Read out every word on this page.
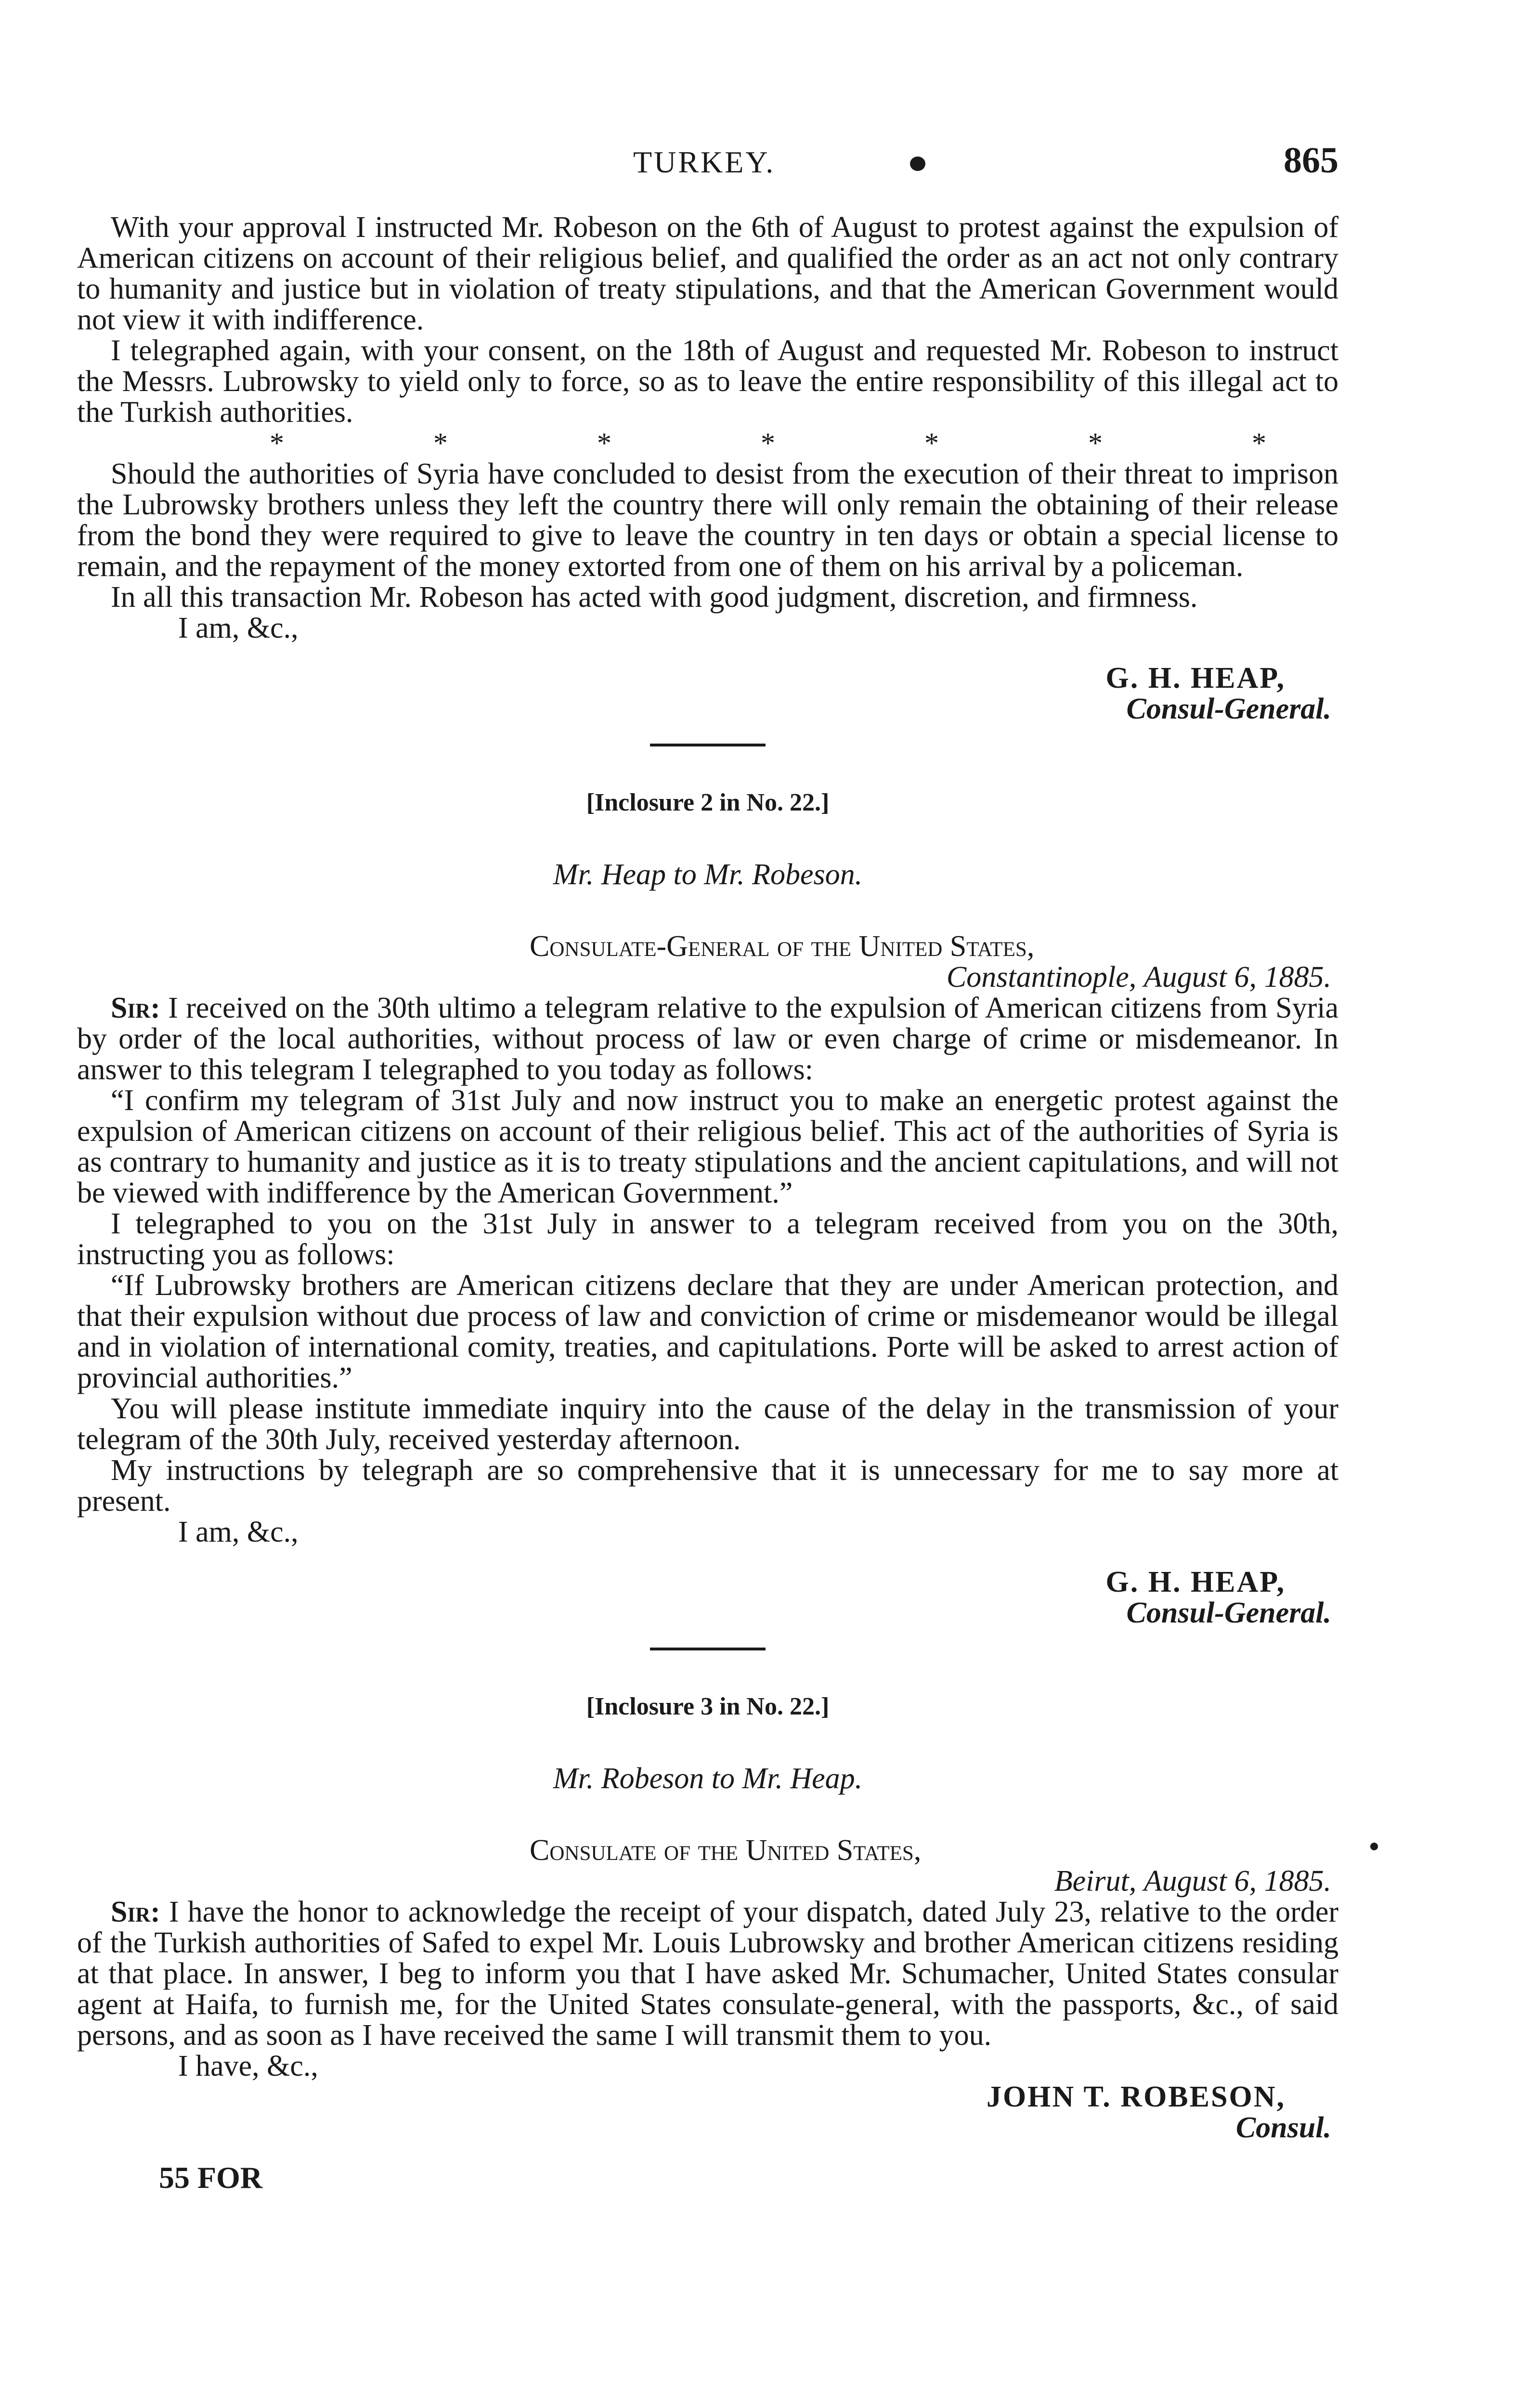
TURKEY.	865

With your approval I instructed Mr. Robeson on the 6th of August to protest against the expulsion of American citizens on account of their religious belief, and qualified the order as an act not only contrary to humanity and justice but in violation of treaty stipulations, and that the American Government would not view it with indifference.

I telegraphed again, with your consent, on the 18th of August and requested Mr. Robeson to instruct the Messrs. Lubrowsky to yield only to force, so as to leave the entire responsibility of this illegal act to the Turkish authorities.

*	*	*	*	*	*	*

Should the authorities of Syria have concluded to desist from the execution of their threat to imprison the Lubrowsky brothers unless they left the country there will only remain the obtaining of their release from the bond they were required to give to leave the country in ten days or obtain a special license to remain, and the repayment of the money extorted from one of them on his arrival by a policeman.

In all this transaction Mr. Robeson has acted with good judgment, discretion, and firmness.

I am, &c.,
G. H. HEAP,
Consul-General.
[Inclosure 2 in No. 22.]
Mr. Heap to Mr. Robeson.
Consulate-General of the United States,
Constantinople, August 6, 1885.

Sir: I received on the 30th ultimo a telegram relative to the expulsion of American citizens from Syria by order of the local authorities, without process of law or even charge of crime or misdemeanor. In answer to this telegram I telegraphed to you today as follows:

“I confirm my telegram of 31st July and now instruct you to make an energetic protest against the expulsion of American citizens on account of their religious belief. This act of the authorities of Syria is as contrary to humanity and justice as it is to treaty stipulations and the ancient capitulations, and will not be viewed with indifference by the American Government.”

I telegraphed to you on the 31st July in answer to a telegram received from you on the 30th, instructing you as follows:

“If Lubrowsky brothers are American citizens declare that they are under American protection, and that their expulsion without due process of law and conviction of crime or misdemeanor would be illegal and in violation of international comity, treaties, and capitulations. Porte will be asked to arrest action of provincial authorities.”

You will please institute immediate inquiry into the cause of the delay in the transmission of your telegram of the 30th July, received yesterday afternoon.

My instructions by telegraph are so comprehensive that it is unnecessary for me to say more at present.

I am, &c.,
G. H. HEAP,
Consul-General.
[Inclosure 3 in No. 22.]
Mr. Robeson to Mr. Heap.
Consulate of the United States,
Beirut, August 6, 1885.

Sir: I have the honor to acknowledge the receipt of your dispatch, dated July 23, relative to the order of the Turkish authorities of Safed to expel Mr. Louis Lubrowsky and brother American citizens residing at that place. In answer, I beg to inform you that I have asked Mr. Schumacher, United States consular agent at Haifa, to furnish me, for the United States consulate-general, with the passports, &c., of said persons, and as soon as I have received the same I will transmit them to you.

I have, &c.,
JOHN T. ROBESON,
Consul.
55 FOR
